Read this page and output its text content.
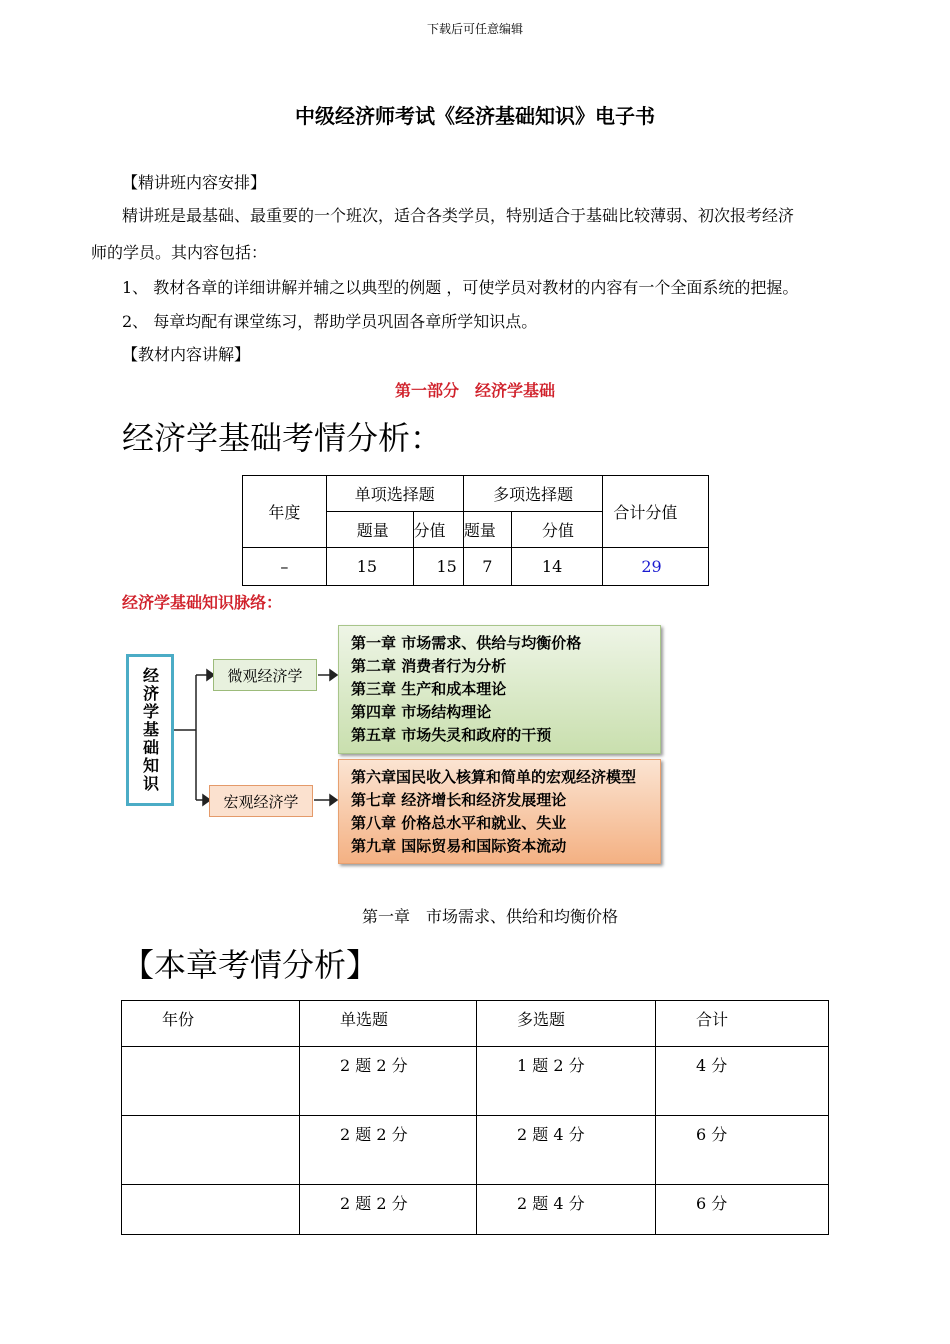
下载后可任意编辑
中级经济师考试《经济基础知识》电子书
【精讲班内容安排】
精讲班是最基础、最重要的一个班次，适合各类学员，特别适合于基础比较薄弱、初次报考经济
师的学员。其内容包括：
1、 教材各章的详细讲解并辅之以典型的例题 ，可使学员对教材的内容有一个全面系统的把握。
2、 每章均配有课堂练习，帮助学员巩固各章所学知识点。
【教材内容讲解】
第一部分　经济学基础
经济学基础考情分析：
年度	单项选择题		多项选择题		合计分值
	题量	分值	题量	分值	
–	15	15	7	14	29
经济学基础知识脉络：
经济学基础知识	微观经济学
宏观经济学
第一章 市场需求、供给与均衡价格
第二章 消费者行为分析
第三章 生产和成本理论
第四章 市场结构理论
第五章 市场失灵和政府的干预
第六章国民收入核算和简单的宏观经济模型
第七章 经济增长和经济发展理论
第八章 价格总水平和就业、失业
第九章 国际贸易和国际资本流动
第一章　市场需求、供给和均衡价格
【本章考情分析】
年份	单选题	多选题	合计
	2 题 2 分	1 题 2 分	4 分
	2 题 2 分	2 题 4 分	6 分
	2 题 2 分	2 题 4 分	6 分
